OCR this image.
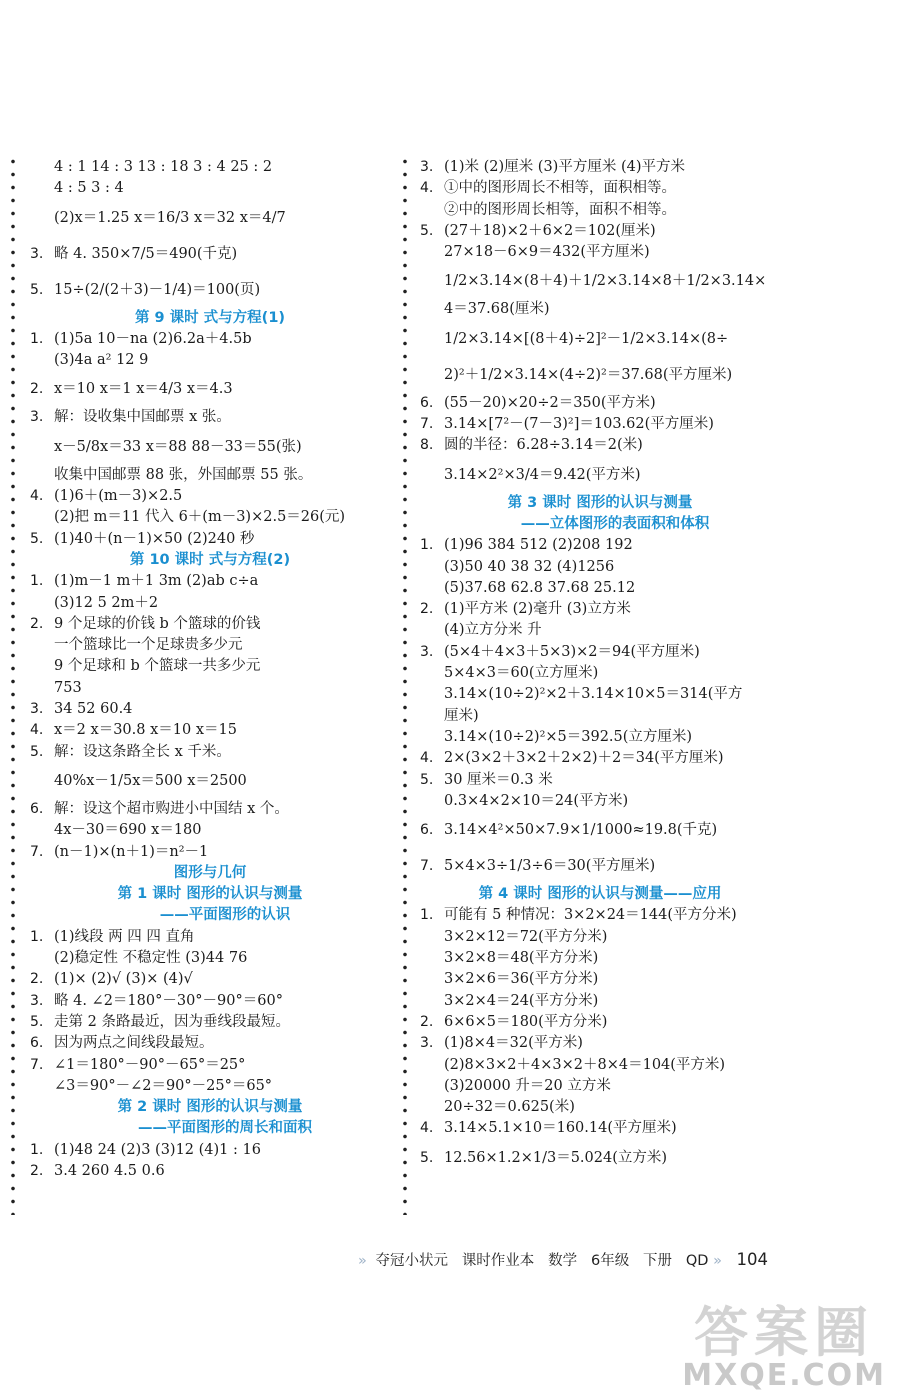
4 : 1 14 : 3 13 : 18 3 : 4 25 : 2
4 : 5 3 : 4
(2)x＝1.25 x＝16/3 x＝32 x＝4/7
3. 略 4. 350×7/5＝490(千克)
5. 15÷(2/(2＋3)－1/4)＝100(页)
第 9 课时 式与方程(1)
1. (1)5a 10－na (2)6.2a＋4.5b
(3)4a a² 12 9
2. x＝10 x＝1 x＝4/3 x＝4.3
3. 解：设收集中国邮票 x 张。
x－5/8x＝33 x＝88 88－33＝55(张)
收集中国邮票 88 张，外国邮票 55 张。
4. (1)6＋(m－3)×2.5
(2)把 m＝11 代入 6＋(m－3)×2.5＝26(元)
5. (1)40＋(n－1)×50 (2)240 秒
第 10 课时 式与方程(2)
1. (1)m－1 m＋1 3m (2)ab c÷a
(3)12 5 2m＋2
2. 9 个足球的价钱 b 个篮球的价钱
一个篮球比一个足球贵多少元
9 个足球和 b 个篮球一共多少元
753
3. 34 52 60.4
4. x＝2 x＝30.8 x＝10 x＝15
5. 解：设这条路全长 x 千米。
40%x－1/5x＝500 x＝2500
6. 解：设这个超市购进小中国结 x 个。
4x－30＝690 x＝180
7. (n－1)×(n＋1)＝n²－1
图形与几何
第 1 课时 图形的认识与测量
——平面图形的认识
1. (1)线段 两 四 四 直角
(2)稳定性 不稳定性 (3)44 76
2. (1)× (2)√ (3)× (4)√
3. 略 4. ∠2＝180°－30°－90°＝60°
5. 走第 2 条路最近，因为垂线段最短。
6. 因为两点之间线段最短。
7. ∠1＝180°－90°－65°＝25°
∠3＝90°－∠2＝90°－25°＝65°
第 2 课时 图形的认识与测量
——平面图形的周长和面积
1. (1)48 24 (2)3 (3)12 (4)1 : 16
2. 3.4 260 4.5 0.6
3. (1)米 (2)厘米 (3)平方厘米 (4)平方米
4. ①中的图形周长不相等，面积相等。
②中的图形周长相等，面积不相等。
5. (27＋18)×2＋6×2＝102(厘米)
27×18－6×9＝432(平方厘米)
1/2×3.14×(8＋4)＋1/2×3.14×8＋1/2×3.14×
4＝37.68(厘米)
1/2×3.14×[(8＋4)÷2]²－1/2×3.14×(8÷
2)²＋1/2×3.14×(4÷2)²＝37.68(平方厘米)
6. (55－20)×20÷2＝350(平方米)
7. 3.14×[7²－(7－3)²]＝103.62(平方厘米)
8. 圆的半径：6.28÷3.14＝2(米)
3.14×2²×3/4＝9.42(平方米)
第 3 课时 图形的认识与测量
——立体图形的表面积和体积
1. (1)96 384 512 (2)208 192
(3)50 40 38 32 (4)1256
(5)37.68 62.8 37.68 25.12
2. (1)平方米 (2)毫升 (3)立方米
(4)立方分米 升
3. (5×4＋4×3＋5×3)×2＝94(平方厘米)
5×4×3＝60(立方厘米)
3.14×(10÷2)²×2＋3.14×10×5＝314(平方
厘米)
3.14×(10÷2)²×5＝392.5(立方厘米)
4. 2×(3×2＋3×2＋2×2)＋2＝34(平方厘米)
5. 30 厘米＝0.3 米
0.3×4×2×10＝24(平方米)
6. 3.14×4²×50×7.9×1/1000≈19.8(千克)
7. 5×4×3÷1/3÷6＝30(平方厘米)
第 4 课时 图形的认识与测量——应用
1. 可能有 5 种情况：3×2×24＝144(平方分米)
3×2×12＝72(平方分米)
3×2×8＝48(平方分米)
3×2×6＝36(平方分米)
3×2×4＝24(平方分米)
2. 6×6×5＝180(平方分米)
3. (1)8×4＝32(平方米)
(2)8×3×2＋4×3×2＋8×4＝104(平方米)
(3)20000 升＝20 立方米
20÷32＝0.625(米)
4. 3.14×5.1×10＝160.14(平方厘米)
5. 12.56×1.2×1/3＝5.024(立方米)
» 夺冠小状元 课时作业本 数学 6年级 下册 QD » 104
答案圈
MXQE.COM
